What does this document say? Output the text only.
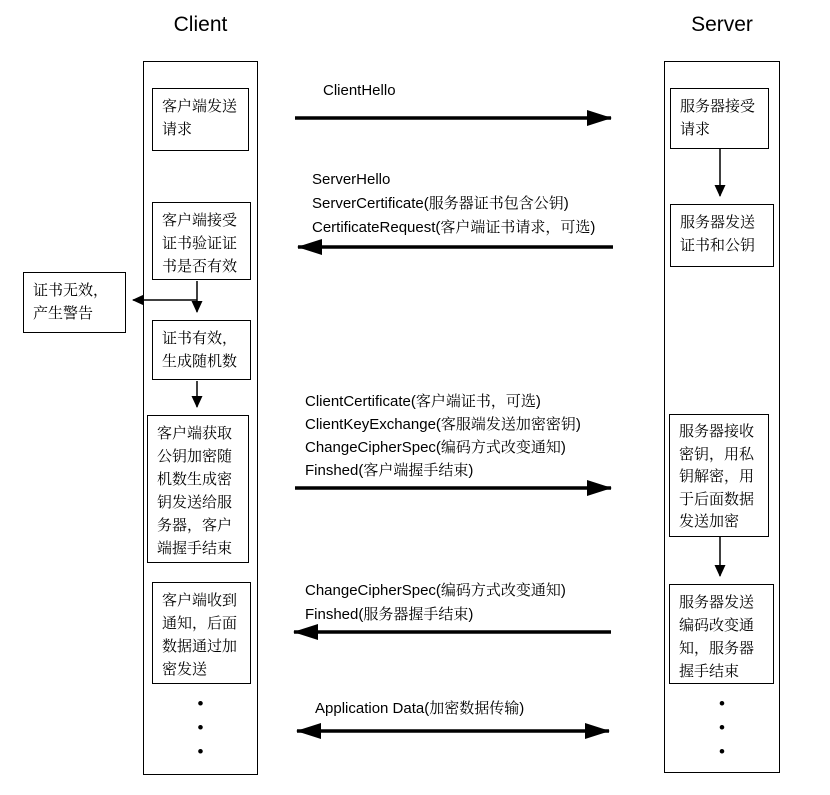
Client	Server
客户端发送请求
客户端接受证书验证证书是否有效
证书有效，生成随机数
客户端获取公钥加密随机数生成密钥发送给服务器，客户端握手结束
客户端收到通知，后面数据通过加密发送
证书无效，产生警告
服务器接受请求
服务器发送证书和公钥
服务器接收密钥，用私钥解密，用于后面数据发送加密
服务器发送编码改变通知，服务器握手结束
ClientHello
ServerHello
ServerCertificate(服务器证书包含公钥)
CertificateRequest(客户端证书请求，可选)
ClientCertificate(客户端证书，可选)
ClientKeyExchange(客服端发送加密密钥)
ChangeCipherSpec(编码方式改变通知)
Finshed(客户端握手结束)
ChangeCipherSpec(编码方式改变通知)
Finshed(服务器握手结束)
Application Data(加密数据传输)
•
•
•
•
•
•
